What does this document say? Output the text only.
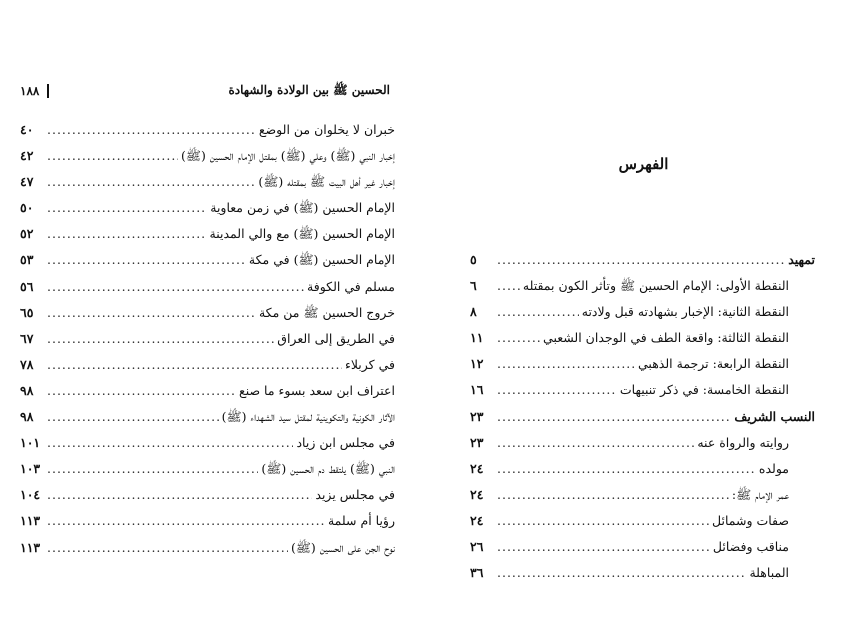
١٨٨	الحسين ﷺ بين الولادة والشهادة
خبران لا يخلوان من الوضع
.....
٤٠
إخبار النبي (ﷺ) وعلي (ﷺ) بمقتل الإمام الحسين (ﷺ)
.....
٤٢
إخبار غير أهل البيت ﷺ بمقتله (ﷺ)
.....
٤٧
الإمام الحسين (ﷺ) في زمن معاوية
.....
٥٠
الإمام الحسين (ﷺ) مع والي المدينة
.....
٥٢
الإمام الحسين (ﷺ) في مكة
.....
٥٣
مسلم في الكوفة
.....
٥٦
خروج الحسين ﷺ من مكة
.....
٦٥
في الطريق إلى العراق
.....
٦٧
في كربلاء
.....
٧٨
اعتراف ابن سعد بسوء ما صنع
.....
٩٨
الآثار الكونية والتكوينية لمقتل سيد الشهداء (ﷺ)
.....
٩٨
في مجلس ابن زياد
.....
١٠١
النبي (ﷺ) يلتقط دم الحسين (ﷺ)
.....
١٠٣
في مجلس يزيد
.....
١٠٤
رؤيا أم سلمة
.....
١١٣
نوح الجن على الحسين (ﷺ)
.....
١١٣
الفهرس
تمهيد
.....
٥
النقطة الأولى: الإمام الحسين ﷺ وتأثر الكون بمقتله
.....
٦
النقطة الثانية: الإخبار بشهادته قبل ولادته
.....
٨
النقطة الثالثة: واقعة الطف في الوجدان الشعبي
.....
١١
النقطة الرابعة: ترجمة الذهبي
.....
١٢
النقطة الخامسة: في ذكر تنبيهات
.....
١٦
النسب الشريف
.....
٢٣
روايته والرواة عنه
.....
٢٣
مولده
.....
٢٤
عمر الإمام ﷺ:
.....
٢٤
صفات وشمائل
.....
٢٤
مناقب وفضائل
.....
٢٦
المباهلة
.....
٣٦
